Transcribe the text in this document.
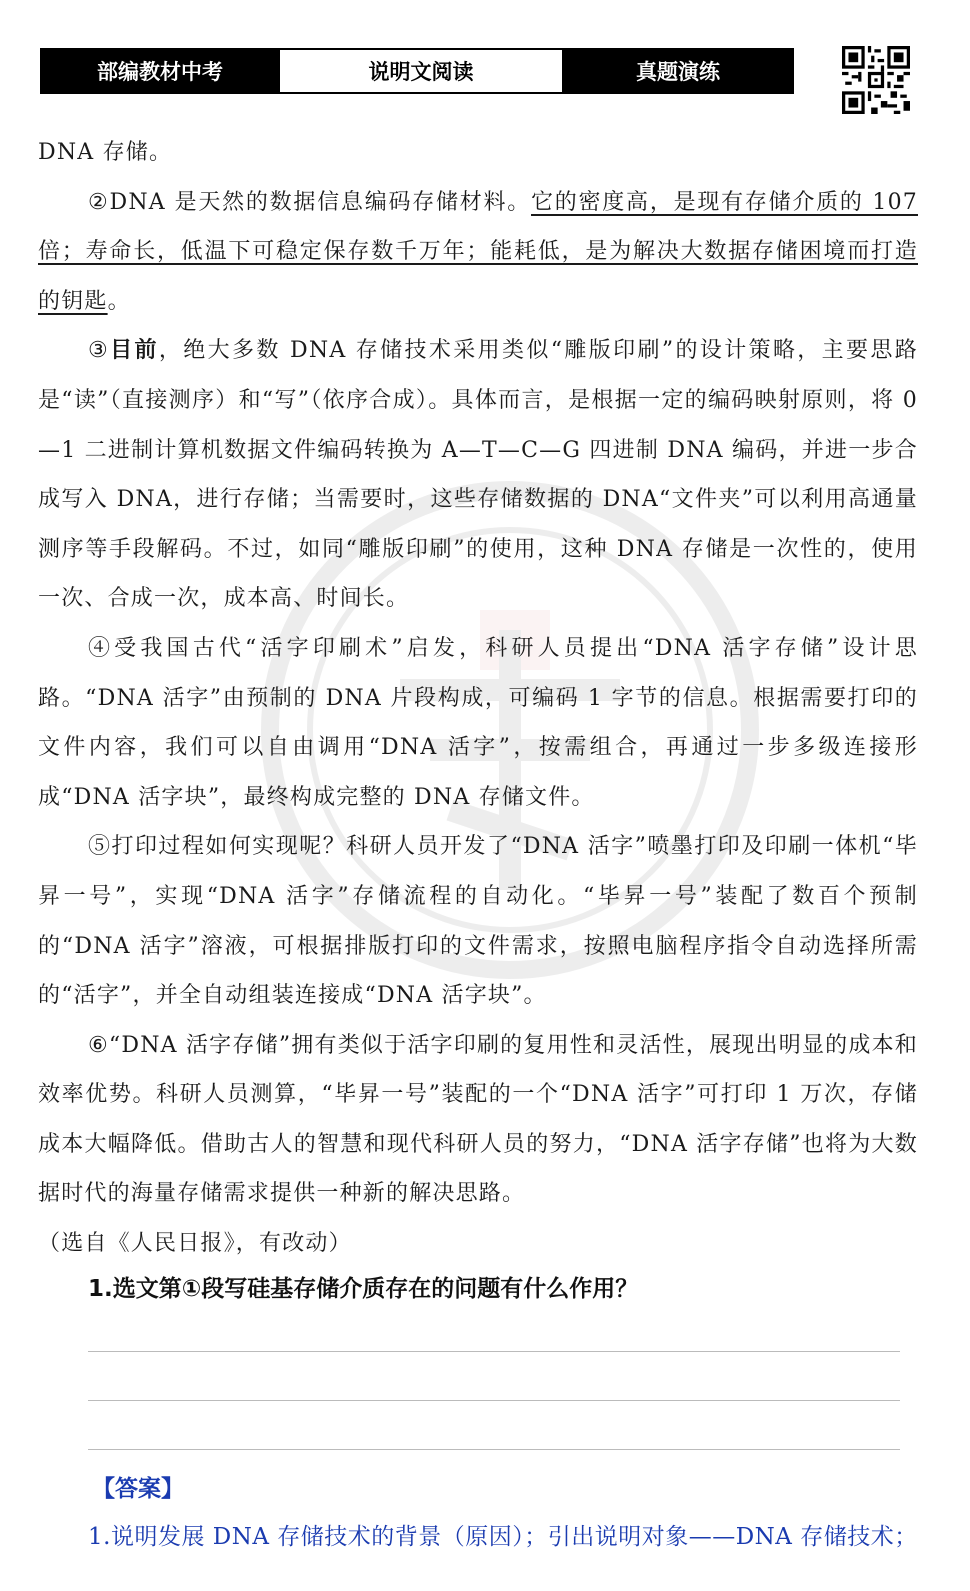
部编教材中考	说明文阅读	真题演练

DNA 存储。

②DNA 是天然的数据信息编码存储材料。它的密度高，是现有存储介质的 107 倍；寿命长，低温下可稳定保存数千万年；能耗低，是为解决大数据存储困境而打造的钥匙。

③目前，绝大多数 DNA 存储技术采用类似“雕版印刷”的设计策略，主要思路是“读”（直接测序）和“写”（依序合成）。具体而言，是根据一定的编码映射原则，将 0—1 二进制计算机数据文件编码转换为 A—T—C—G 四进制 DNA 编码，并进一步合成写入 DNA，进行存储；当需要时，这些存储数据的 DNA“文件夹”可以利用高通量测序等手段解码。不过，如同“雕版印刷”的使用，这种 DNA 存储是一次性的，使用一次、合成一次，成本高、时间长。

④受我国古代“活字印刷术”启发，科研人员提出“DNA 活字存储”设计思路。“DNA 活字”由预制的 DNA 片段构成，可编码 1 字节的信息。根据需要打印的文件内容，我们可以自由调用“DNA 活字”，按需组合，再通过一步多级连接形成“DNA 活字块”，最终构成完整的 DNA 存储文件。

⑤打印过程如何实现呢？科研人员开发了“DNA 活字”喷墨打印及印刷一体机“毕昇一号”，实现“DNA 活字”存储流程的自动化。“毕昇一号”装配了数百个预制的“DNA 活字”溶液，可根据排版打印的文件需求，按照电脑程序指令自动选择所需的“活字”，并全自动组装连接成“DNA 活字块”。

⑥“DNA 活字存储”拥有类似于活字印刷的复用性和灵活性，展现出明显的成本和效率优势。科研人员测算，“毕昇一号”装配的一个“DNA 活字”可打印 1 万次，存储成本大幅降低。借助古人的智慧和现代科研人员的努力，“DNA 活字存储”也将为大数据时代的海量存储需求提供一种新的解决思路。

（选自《人民日报》，有改动）

1.选文第①段写硅基存储介质存在的问题有什么作用？
【答案】
1.说明发展 DNA 存储技术的背景（原因）；引出说明对象——DNA 存储技术；
